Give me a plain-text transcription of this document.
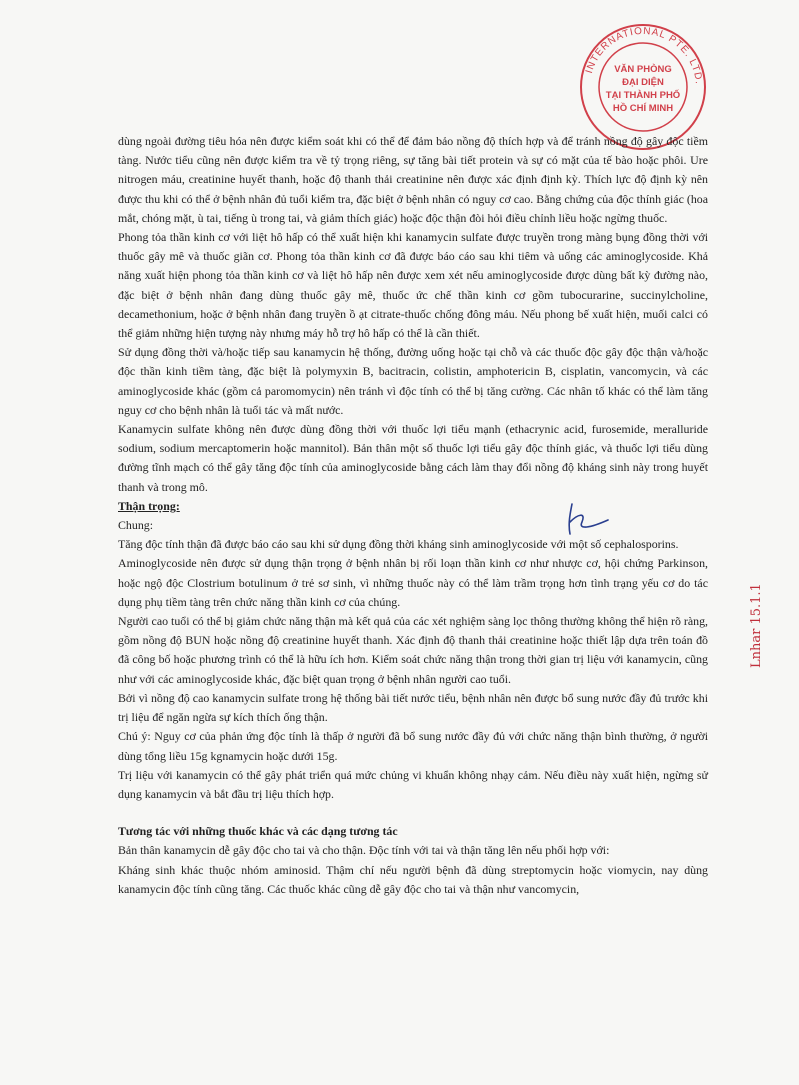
INTERNATIONAL PTE. LTD.
VĂN PHÒNG
ĐẠI DIỆN
TẠI THÀNH PHỐ
HỒ CHÍ MINH

dùng ngoài đường tiêu hóa nên được kiểm soát khi có thể để đảm bảo nồng độ thích hợp và để tránh nồng độ gây độc tiềm tàng. Nước tiểu cũng nên được kiểm tra về tỷ trọng riêng, sự tăng bài tiết protein và sự có mặt của tế bào hoặc phôi. Ure nitrogen máu, creatinine huyết thanh, hoặc độ thanh thải creatinine nên được xác định định kỳ. Thích lực độ định kỳ nên được thu khi có thể ở bệnh nhân đủ tuổi kiểm tra, đặc biệt ở bệnh nhân có nguy cơ cao. Bằng chứng của độc thính giác (hoa mắt, chóng mặt, ù tai, tiếng ù trong tai, và giảm thích giác) hoặc độc thận đòi hỏi điều chỉnh liều hoặc ngừng thuốc.

Phong tỏa thần kinh cơ với liệt hô hấp có thể xuất hiện khi kanamycin sulfate được truyền trong màng bụng đồng thời với thuốc gây mê và thuốc giãn cơ. Phong tỏa thần kinh cơ đã được báo cáo sau khi tiêm và uống các aminoglycoside. Khả năng xuất hiện phong tỏa thần kinh cơ và liệt hô hấp nên được xem xét nếu aminoglycoside được dùng bất kỳ đường nào, đặc biệt ở bệnh nhân đang dùng thuốc gây mê, thuốc ức chế thần kinh cơ gồm tubocurarine, succinylcholine, decamethonium, hoặc ở bệnh nhân đang truyền ồ ạt citrate-thuốc chống đông máu. Nếu phong bế xuất hiện, muối calci có thể giảm những hiện tượng này nhưng máy hỗ trợ hô hấp có thể là cần thiết.

Sử dụng đồng thời và/hoặc tiếp sau kanamycin hệ thống, đường uống hoặc tại chỗ và các thuốc độc gây độc thận và/hoặc độc thần kinh tiềm tàng, đặc biệt là polymyxin B, bacitracin, colistin, amphotericin B, cisplatin, vancomycin, và các aminoglycoside khác (gồm cả paromomycin) nên tránh vì độc tính có thể bị tăng cường. Các nhân tố khác có thể làm tăng nguy cơ cho bệnh nhân là tuổi tác và mất nước.

Kanamycin sulfate không nên được dùng đồng thời với thuốc lợi tiểu mạnh (ethacrynic acid, furosemide, meralluride sodium, sodium mercaptomerin hoặc mannitol). Bản thân một số thuốc lợi tiểu gây độc thính giác, và thuốc lợi tiểu dùng đường tĩnh mạch có thể gây tăng độc tính của aminoglycoside bằng cách làm thay đổi nồng độ kháng sinh này trong huyết thanh và trong mô.

Thận trọng:

Chung:

Tăng độc tính thận đã được báo cáo sau khi sử dụng đồng thời kháng sinh aminoglycoside với một số cephalosporins.

Aminoglycoside nên được sử dụng thận trọng ở bệnh nhân bị rối loạn thần kinh cơ như nhược cơ, hội chứng Parkinson, hoặc ngộ độc Clostrium botulinum ở trẻ sơ sinh, vì những thuốc này có thể làm trầm trọng hơn tình trạng yếu cơ do tác dụng phụ tiềm tàng trên chức năng thần kinh cơ của chúng.

Người cao tuổi có thể bị giảm chức năng thận mà kết quả của các xét nghiệm sàng lọc thông thường không thể hiện rõ ràng, gồm nồng độ BUN hoặc nồng độ creatinine huyết thanh. Xác định độ thanh thải creatinine hoặc thiết lập dựa trên toán đồ đã công bố hoặc phương trình có thể là hữu ích hơn. Kiểm soát chức năng thận trong thời gian trị liệu với kanamycin, cũng như với các aminoglycoside khác, đặc biệt quan trọng ở bệnh nhân người cao tuổi.

Bởi vì nồng độ cao kanamycin sulfate trong hệ thống bài tiết nước tiểu, bệnh nhân nên được bổ sung nước đầy đủ trước khi trị liệu để ngăn ngừa sự kích thích ống thận.

Chú ý: Nguy cơ của phản ứng độc tính là thấp ở người đã bổ sung nước đầy đủ với chức năng thận bình thường, ở người dùng tổng liều 15g kgnamycin hoặc dưới 15g.

Trị liệu với kanamycin có thể gây phát triển quá mức chủng vi khuẩn không nhạy cảm. Nếu điều này xuất hiện, ngừng sử dụng kanamycin và bắt đầu trị liệu thích hợp.

Tương tác với những thuốc khác và các dạng tương tác

Bản thân kanamycin dễ gây độc cho tai và cho thận. Độc tính với tai và thận tăng lên nếu phối hợp với:

Kháng sinh khác thuộc nhóm aminosid. Thậm chí nếu người bệnh đã dùng streptomycin hoặc viomycin, nay dùng kanamycin độc tính cũng tăng. Các thuốc khác cũng dễ gây độc cho tai và thận như vancomycin,

Lnhar 15.1.1
